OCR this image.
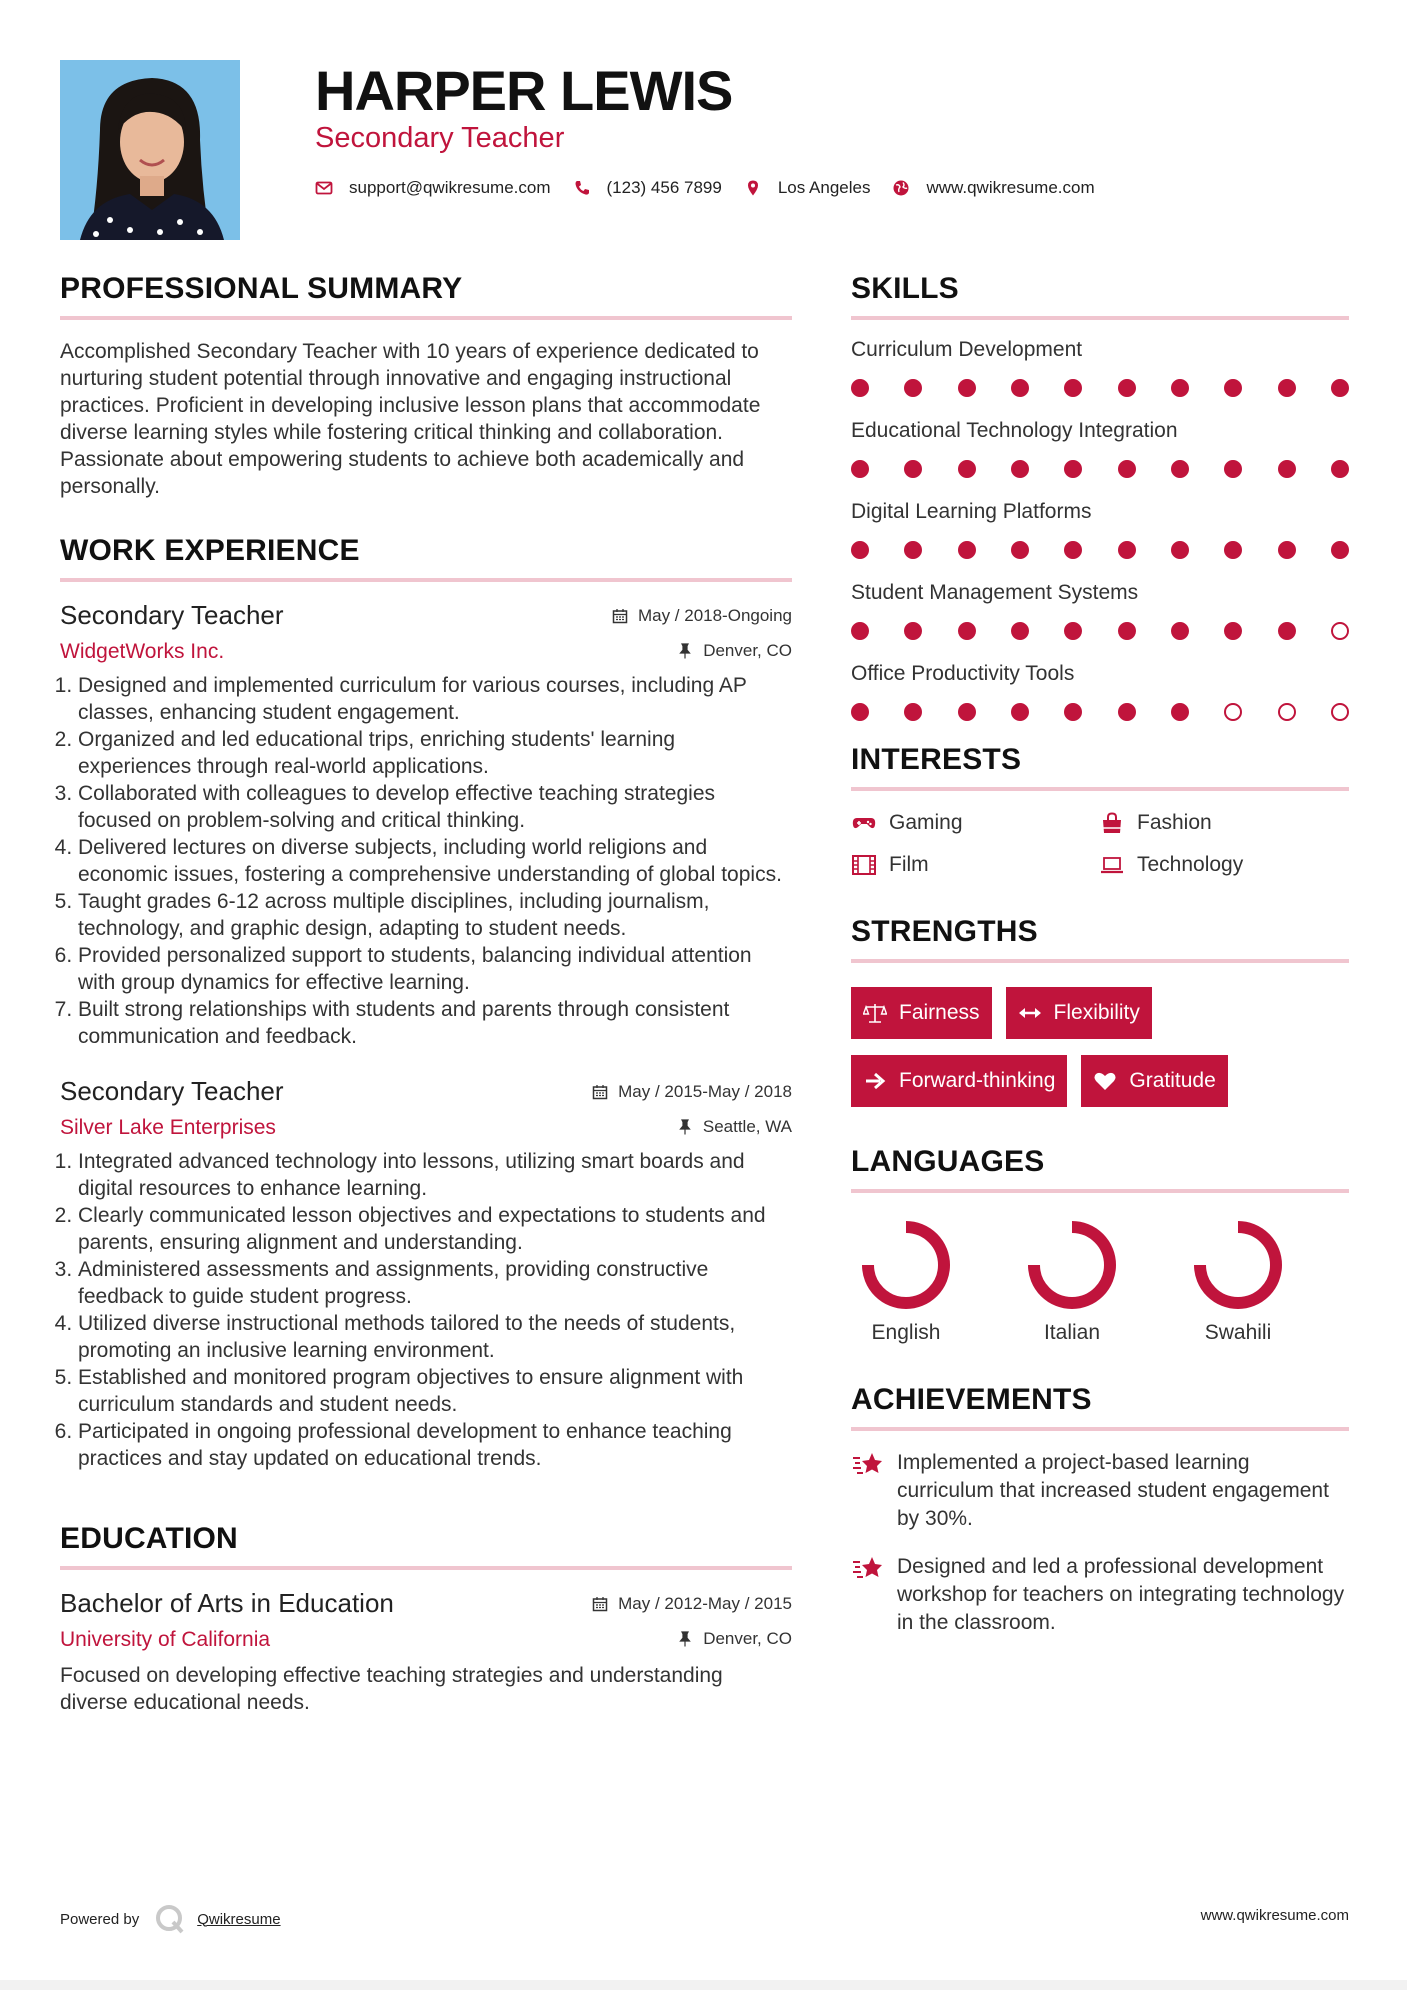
HARPER LEWIS
Secondary Teacher
support@qwikresume.com	(123) 456 7899	Los Angeles	www.qwikresume.com
PROFESSIONAL SUMMARY

Accomplished Secondary Teacher with 10 years of experience dedicated to nurturing student potential through innovative and engaging instructional practices. Proficient in developing inclusive lesson plans that accommodate diverse learning styles while fostering critical thinking and collaboration. Passionate about empowering students to achieve both academically and personally.

WORK EXPERIENCE
Secondary Teacher
WidgetWorks Inc.
May / 2018-Ongoing
Denver, CO
1. Designed and implemented curriculum for various courses, including AP classes, enhancing student engagement.
2. Organized and led educational trips, enriching students' learning experiences through real-world applications.
3. Collaborated with colleagues to develop effective teaching strategies focused on problem-solving and critical thinking.
4. Delivered lectures on diverse subjects, including world religions and economic issues, fostering a comprehensive understanding of global topics.
5. Taught grades 6-12 across multiple disciplines, including journalism, technology, and graphic design, adapting to student needs.
6. Provided personalized support to students, balancing individual attention with group dynamics for effective learning.
7. Built strong relationships with students and parents through consistent communication and feedback.
Secondary Teacher
Silver Lake Enterprises
May / 2015-May / 2018
Seattle, WA
1. Integrated advanced technology into lessons, utilizing smart boards and digital resources to enhance learning.
2. Clearly communicated lesson objectives and expectations to students and parents, ensuring alignment and understanding.
3. Administered assessments and assignments, providing constructive feedback to guide student progress.
4. Utilized diverse instructional methods tailored to the needs of students, promoting an inclusive learning environment.
5. Established and monitored program objectives to ensure alignment with curriculum standards and student needs.
6. Participated in ongoing professional development to enhance teaching practices and stay updated on educational trends.
EDUCATION
Bachelor of Arts in Education
University of California
May / 2012-May / 2015
Denver, CO

Focused on developing effective teaching strategies and understanding diverse educational needs.

SKILLS
Curriculum Development
Educational Technology Integration
Digital Learning Platforms
Student Management Systems
Office Productivity Tools
INTERESTS
Gaming	Fashion
Film	Technology
STRENGTHS
Fairness	Flexibility
Forward-thinking	Gratitude
LANGUAGES
English	Italian	Swahili
ACHIEVEMENTS
Implemented a project-based learning curriculum that increased student engagement by 30%.
Designed and led a professional development workshop for teachers on integrating technology in the classroom.
Powered by	Qwikresume	www.qwikresume.com
